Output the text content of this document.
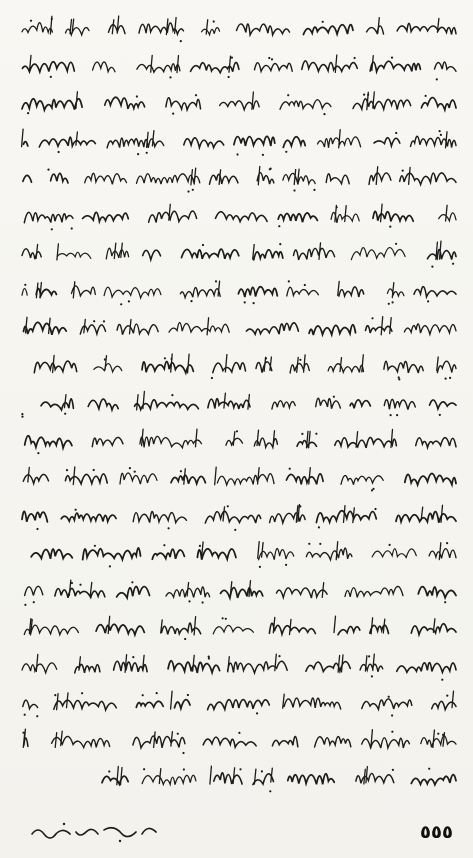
٥٥٥
